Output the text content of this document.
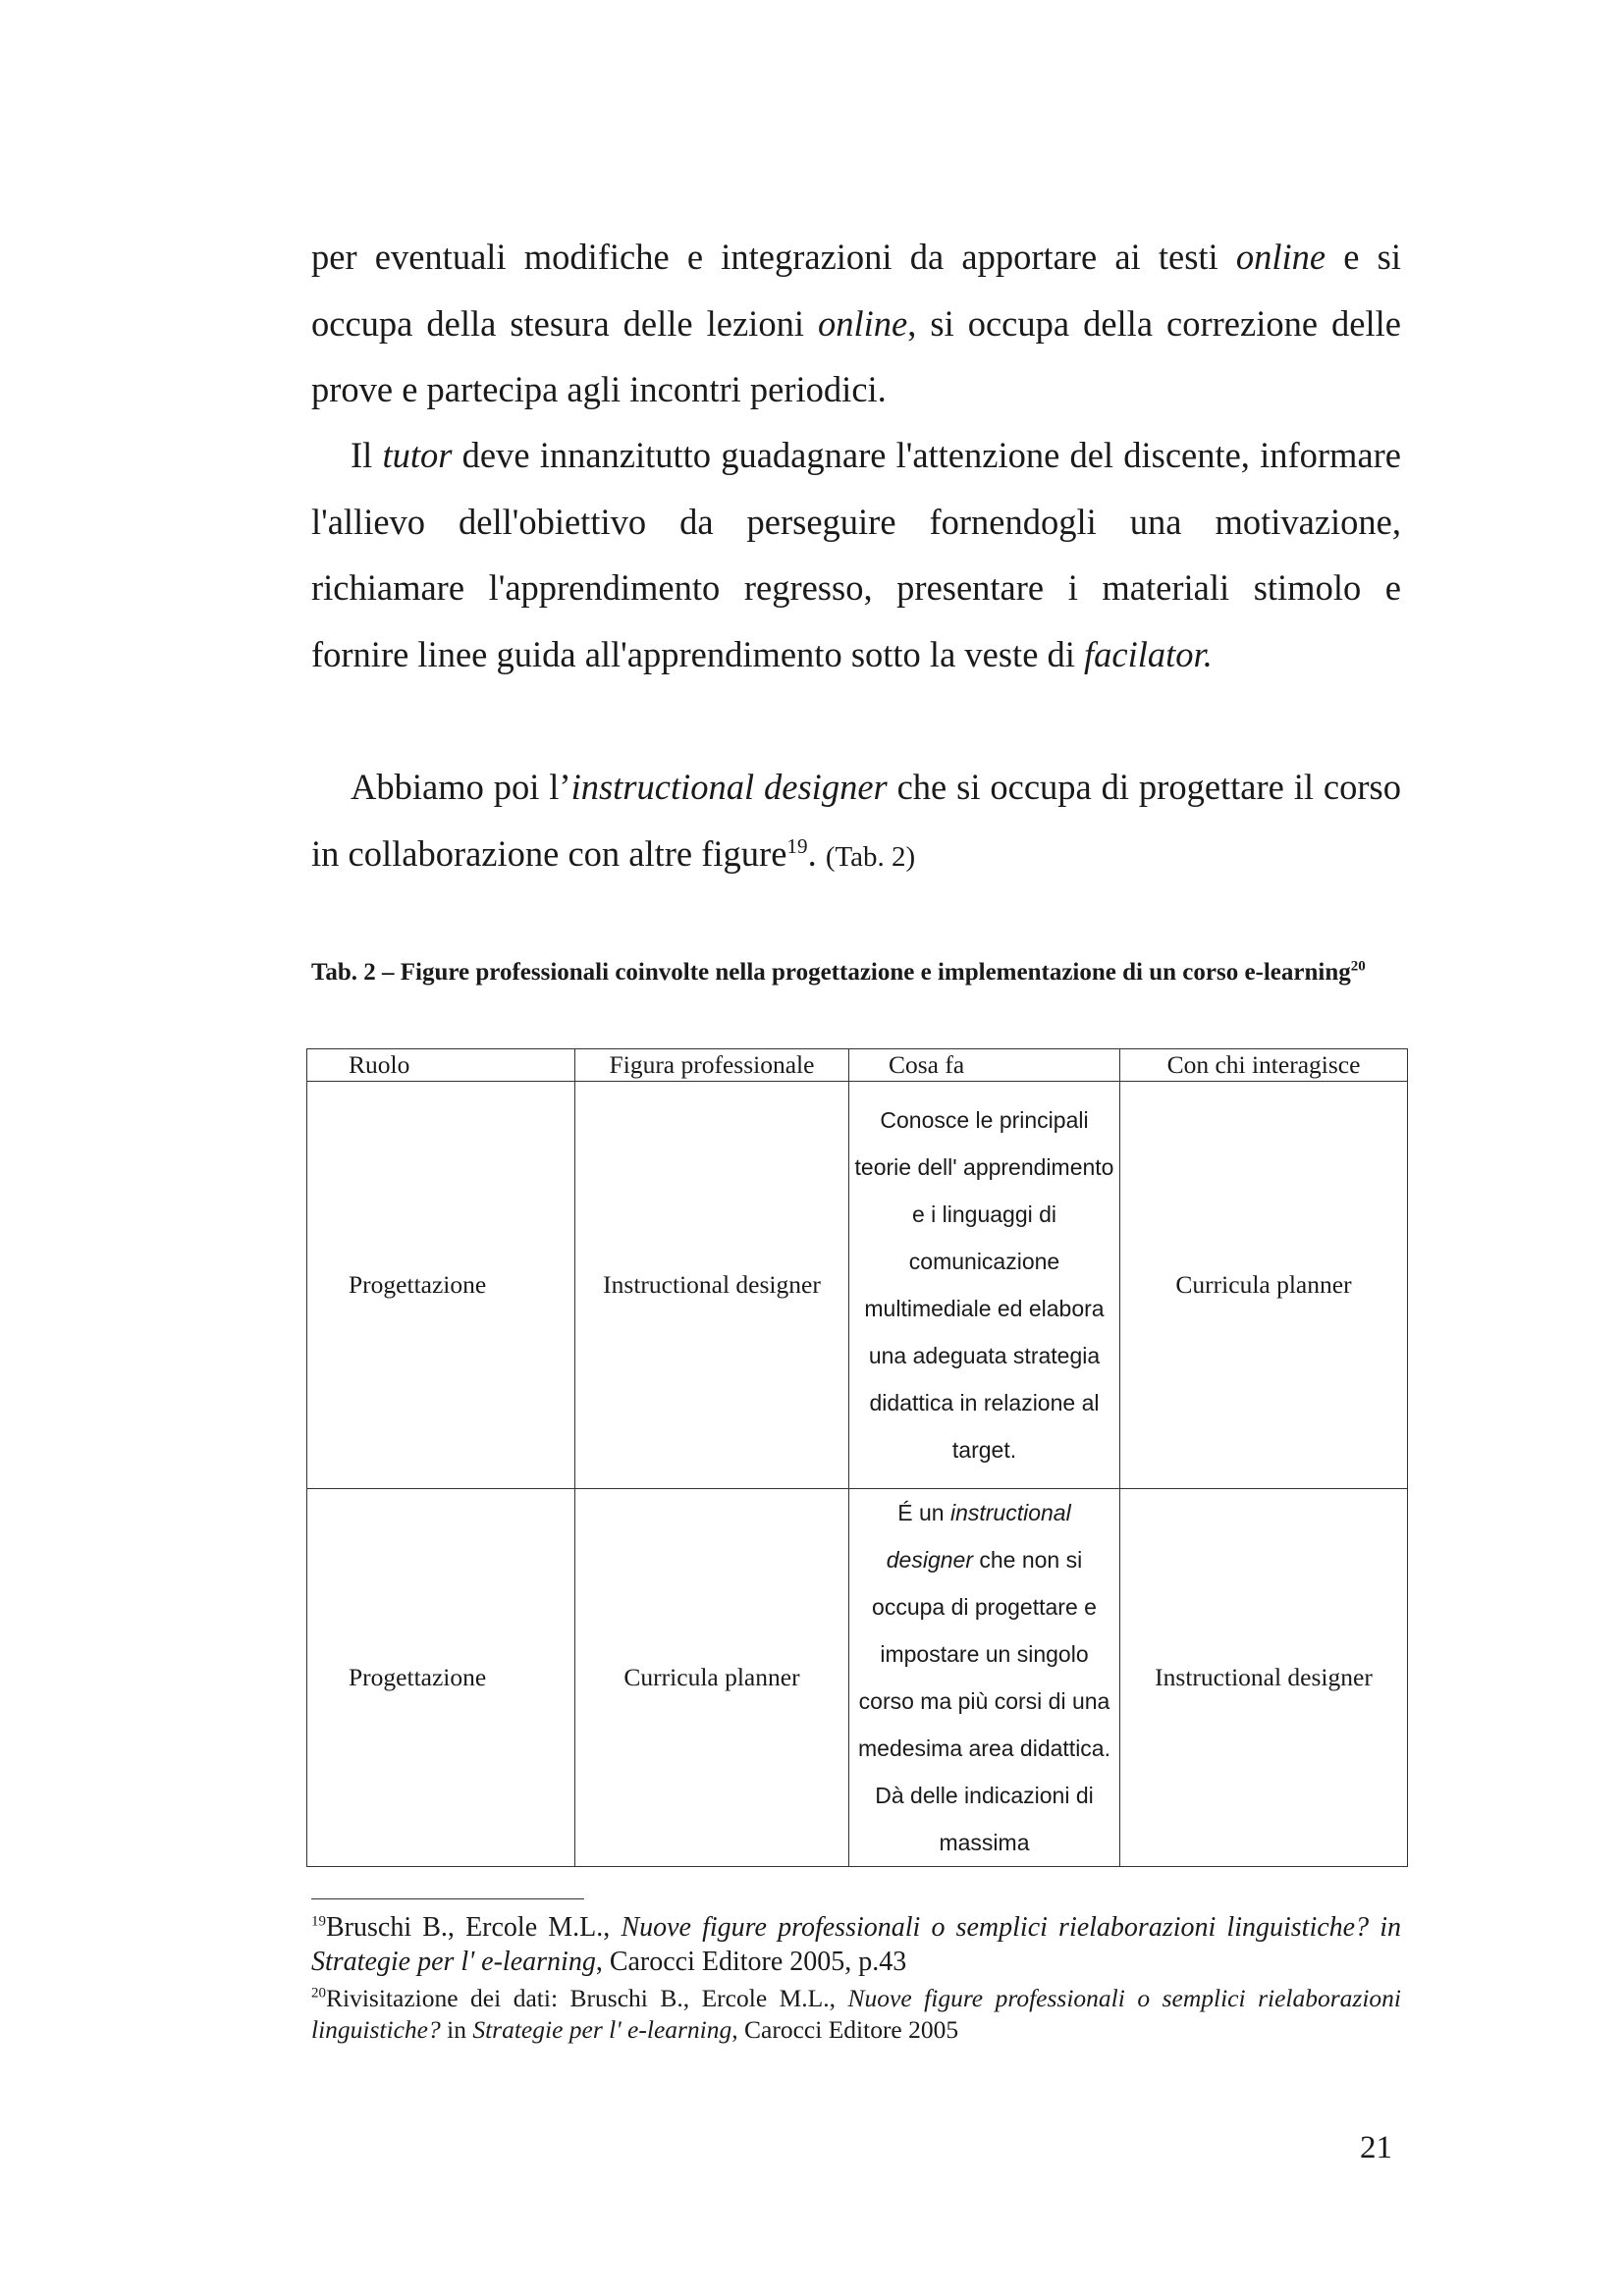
per eventuali modifiche e integrazioni da apportare ai testi online e si occupa della stesura delle lezioni online, si occupa della correzione delle prove e partecipa agli incontri periodici.

Il tutor deve innanzitutto guadagnare l'attenzione del discente, informare l'allievo dell'obiettivo da perseguire fornendogli una motivazione, richiamare l'apprendimento regresso, presentare i materiali stimolo e fornire linee guida all'apprendimento sotto la veste di facilator.

Abbiamo poi l’instructional designer che si occupa di progettare il corso in collaborazione con altre figure$^{19}$. (Tab. 2)

Tab. 2 – Figure professionali coinvolte nella progettazione e implementazione di un corso e-learning$^{20}$

Ruolo	Figura professionale	Cosa fa	Con chi interagisce
Progettazione	Instructional designer	Conosce le principali teorie dell' apprendimento e i linguaggi di comunicazione multimediale ed elabora una adeguata strategia didattica in relazione al target.	Curricula planner
Progettazione	Curricula planner	É un instructional designer che non si occupa di progettare e impostare un singolo corso ma più corsi di una medesima area didattica. Dà delle indicazioni di massima	Instructional designer

$^{19}$Bruschi B., Ercole M.L., Nuove figure professionali o semplici rielaborazioni linguistiche? in Strategie per l' e-learning, Carocci Editore 2005, p.43

$^{20}$Rivisitazione dei dati: Bruschi B., Ercole M.L., Nuove figure professionali o semplici rielaborazioni linguistiche? in Strategie per l' e-learning, Carocci Editore 2005

21
